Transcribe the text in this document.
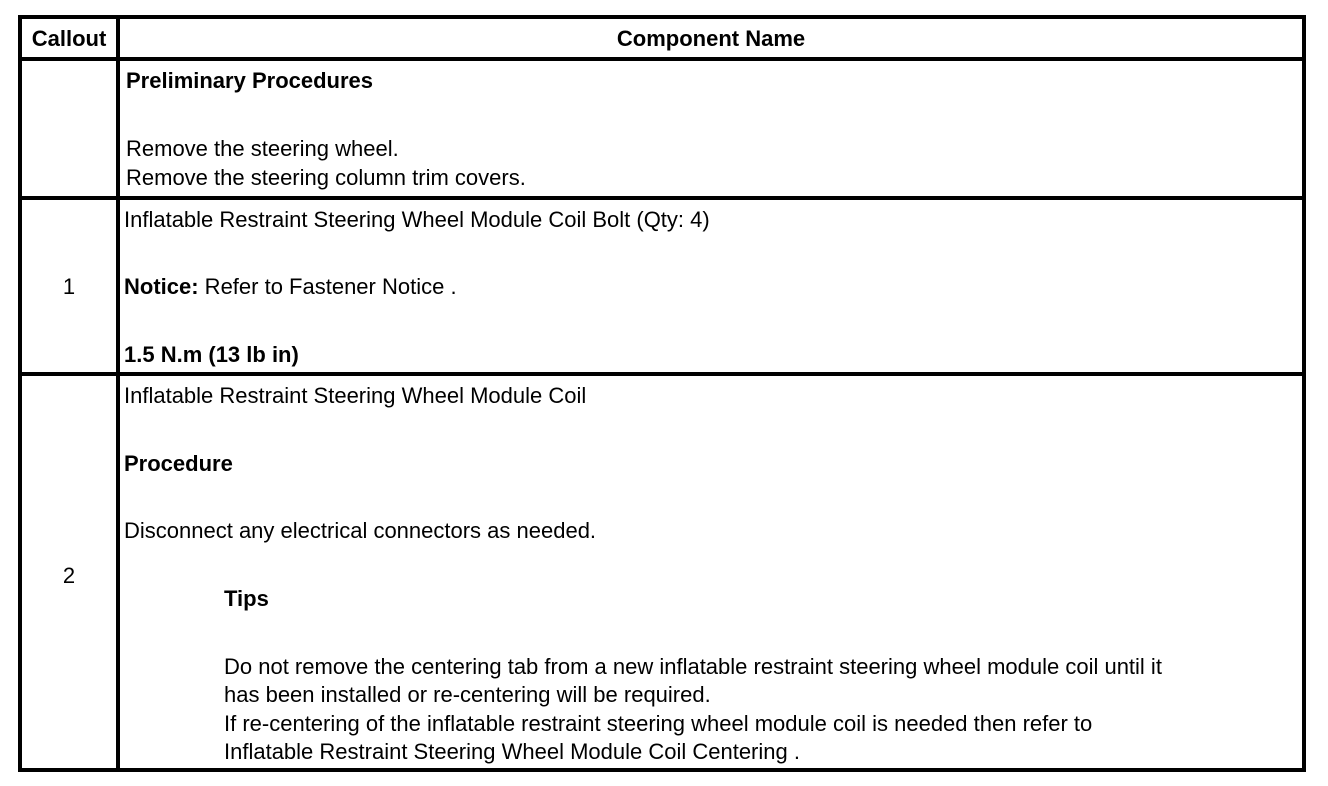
Callout	Component Name
Preliminary Procedures
Remove the steering wheel.
Remove the steering column trim covers.
1
Inflatable Restraint Steering Wheel Module Coil Bolt (Qty: 4)
Notice: Refer to Fastener Notice .
1.5 N.m (13 lb in)
2
Inflatable Restraint Steering Wheel Module Coil
Procedure
Disconnect any electrical connectors as needed.
Tips
Do not remove the centering tab from a new inflatable restraint steering wheel module coil until it
has been installed or re-centering will be required.
If re-centering of the inflatable restraint steering wheel module coil is needed then refer to
Inflatable Restraint Steering Wheel Module Coil Centering .
